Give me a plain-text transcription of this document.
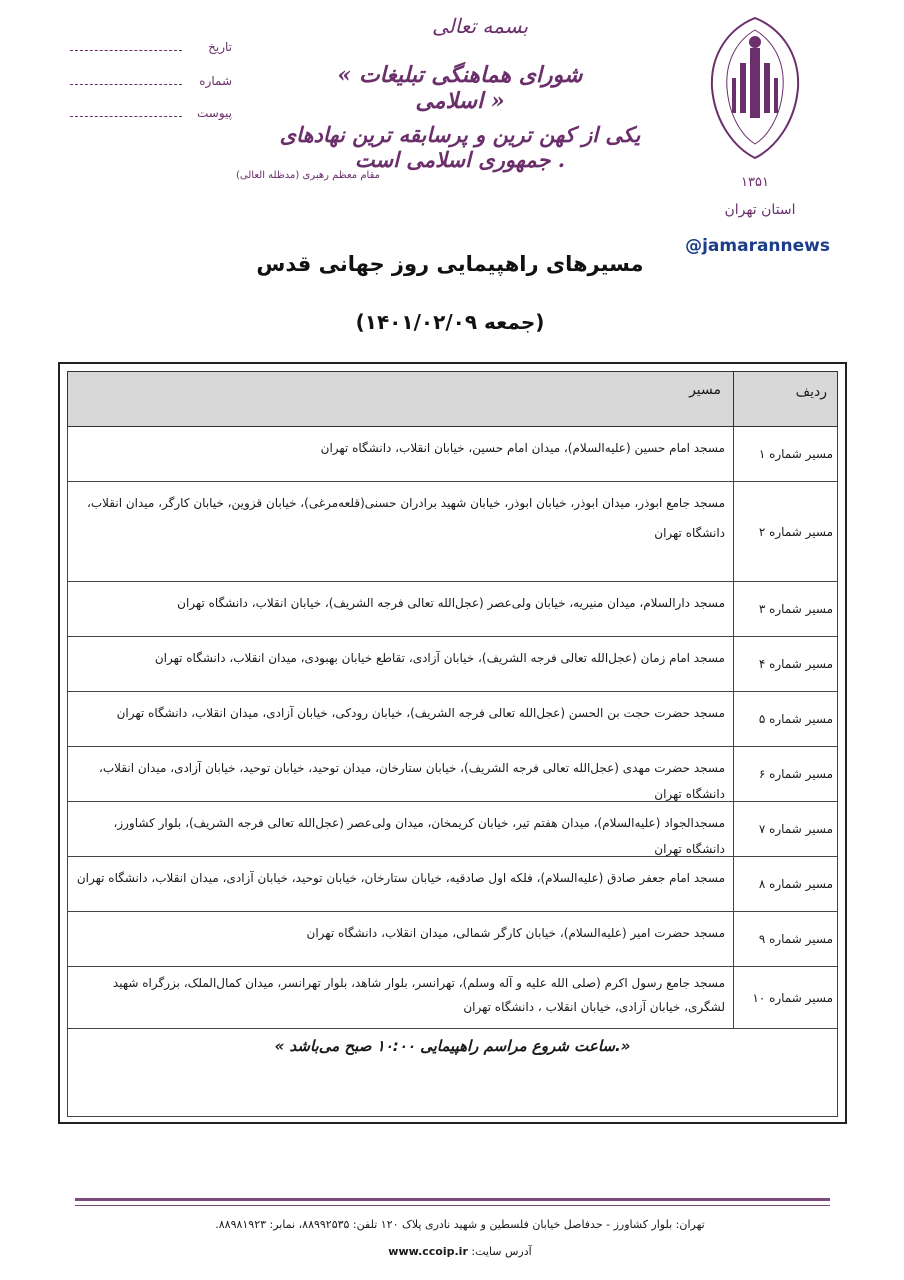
۱۳۵۱
بسمه تعالی
« شورای هماهنگی تبلیغات اسلامی »
یکی از کهن ترین و پرسابقه ترین نهادهای جمهوری اسلامی است .
مقام معظم رهبری (مدظله العالی)
تاریخ
شماره
پیوست
استان تهران
@jamarannews
مسیرهای راهپیمایی روز جهانی قدس
(جمعه ۱۴۰۱/۰۲/۰۹)
ردیف
مسیر
مسیر شماره ۱
مسجد امام حسین (علیه‌السلام)، میدان امام حسین، خیابان انقلاب، دانشگاه تهران
مسیر شماره ۲
مسجد جامع ابوذر، میدان ابوذر، خیابان ابوذر، خیابان شهید برادران حسنی(قلعه‌مرغی)، خیابان قزوین، خیابان کارگر، میدان انقلاب، دانشگاه تهران
مسیر شماره ۳
مسجد دارالسلام، میدان منیریه، خیابان ولی‌عصر (عجل‌الله تعالی فرجه الشریف)، خیابان انقلاب، دانشگاه تهران
مسیر شماره ۴
مسجد امام زمان (عجل‌الله تعالی فرجه الشریف)، خیابان آزادی، تقاطع خیابان بهبودی، میدان انقلاب، دانشگاه تهران
مسیر شماره ۵
مسجد حضرت حجت بن الحسن (عجل‌الله تعالی فرجه الشریف)، خیابان رودکی، خیابان آزادی، میدان انقلاب، دانشگاه تهران
مسیر شماره ۶
مسجد حضرت مهدی (عجل‌الله تعالی فرجه الشریف)، خیابان ستارخان، میدان توحید، خیابان توحید، خیابان آزادی، میدان انقلاب، دانشگاه تهران
مسیر شماره ۷
مسجدالجواد (علیه‌السلام)، میدان هفتم تیر، خیابان کریمخان، میدان ولی‌عصر (عجل‌الله تعالی فرجه الشریف)، بلوار کشاورز، دانشگاه تهران
مسیر شماره ۸
مسجد امام جعفر صادق (علیه‌السلام)، فلکه اول صادقیه، خیابان ستارخان، خیابان توحید، خیابان آزادی، میدان انقلاب، دانشگاه تهران
مسیر شماره ۹
مسجد حضرت امیر (علیه‌السلام)، خیابان کارگر شمالی، میدان انقلاب، دانشگاه تهران
مسیر شماره ۱۰
مسجد جامع رسول اکرم (صلی الله علیه و آله وسلم)، تهرانسر، بلوار شاهد، بلوار تهرانسر، میدان کمال‌الملک، بزرگراه شهید لشگری، خیابان آزادی، خیابان انقلاب ، دانشگاه تهران
« ساعت شروع مراسم راهپیمایی ۱۰:۰۰ صبح می‌باشد.»
تهران: بلوار کشاورز - حدفاصل خیابان فلسطین و شهید نادری پلاک ۱۲۰ تلفن: ۸۸۹۹۲۵۳۵، نمابر: ۸۸۹۸۱۹۲۳.
آدرس سایت: www.ccoip.ir
